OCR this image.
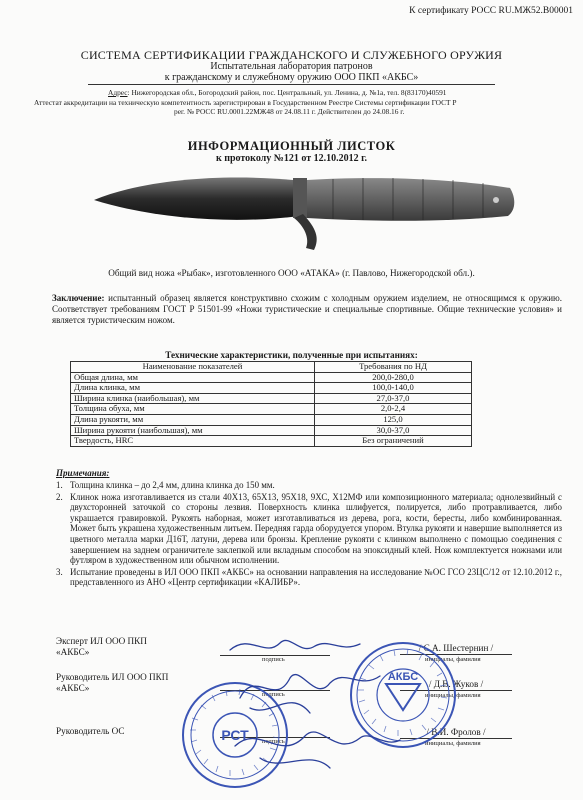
К сертификату РОСС RU.МЖ52.B00001
СИСТЕМА СЕРТИФИКАЦИИ ГРАЖДАНСКОГО И СЛУЖЕБНОГО ОРУЖИЯ
Испытательная лаборатория патронов
к гражданскому и служебному оружию ООО ПКП «АКБС»
Адрес: Нижегородская обл., Богородский район, пос. Центральный, ул. Ленина, д. №1а, тел. 8(83170)40591
Аттестат аккредитации на техническую компетентность зарегистрирован в Государственном Реестре Системы сертификации ГОСТ Р
рег. № РОСС RU.0001.22МЖ48 от 24.08.11 г. Действителен до 24.08.16 г.
ИНФОРМАЦИОННЫЙ ЛИСТОК
к протоколу №121 от 12.10.2012 г.
Общий вид ножа «Рыбак», изготовленного ООО «АТАКА» (г. Павлово, Нижегородской обл.).
Заключение: испытанный образец является конструктивно схожим с холодным оружием изделием, не относящимся к оружию. Соответствует требованиям ГОСТ Р 51501-99 «Ножи туристические и специальные спортивные. Общие технические условия» и является туристическим ножом.
Технические характеристики, полученные при испытаниях:
Наименование показателей	Требования по НД
Общая длина, мм	200,0-280,0
Длина клинка, мм	100,0-140,0
Ширина клинка (наибольшая), мм	27,0-37,0
Толщина обуха, мм	2,0-2,4
Длина рукояти, мм	125,0
Ширина рукояти (наибольшая), мм	30,0-37,0
Твердость, HRC	Без ограничений
Примечания:
1. Толщина клинка – до 2,4 мм, длина клинка до 150 мм.
2. Клинок ножа изготавливается из стали 40Х13, 65Х13, 95Х18, 9ХС, Х12МФ или композиционного материала; однолезвийный с двухсторонней заточкой со стороны лезвия. Поверхность клинка шлифуется, полируется, либо протравливается, либо украшается гравировкой. Рукоять наборная, может изготавливаться из дерева, рога, кости, бересты, либо комбинированная. Может быть украшена художественным литьем. Передняя гарда оборудуется упором. Втулка рукояти и навершие выполняется из цветного металла марки Д16Т, латуни, дерева или бронзы. Крепление рукояти с клинком выполнено с помощью соединения с завершением на заднем ограничителе заклепкой или вкладным способом на эпоксидный клей. Нож комплектуется ножнами или футляром в художественном или обычном исполнении.
3. Испытание проведены в ИЛ ООО ПКП «АКБС» на основании направления на исследование №ОС ГСО 23ЦС/12 от 12.10.2012 г., представленного из АНО «Центр сертификации «КАЛИБР».
Эксперт ИЛ ООО ПКП
«АКБС»
подпись
/ С.А. Шестернин /
инициалы, фамилия
Руководитель ИЛ ООО ПКП
«АКБС»
подпись
/ Д.В. Жуков /
инициалы, фамилия
Руководитель ОС
подпись
/ В.И. Фролов /
инициалы, фамилия
АКБС
РСТ
